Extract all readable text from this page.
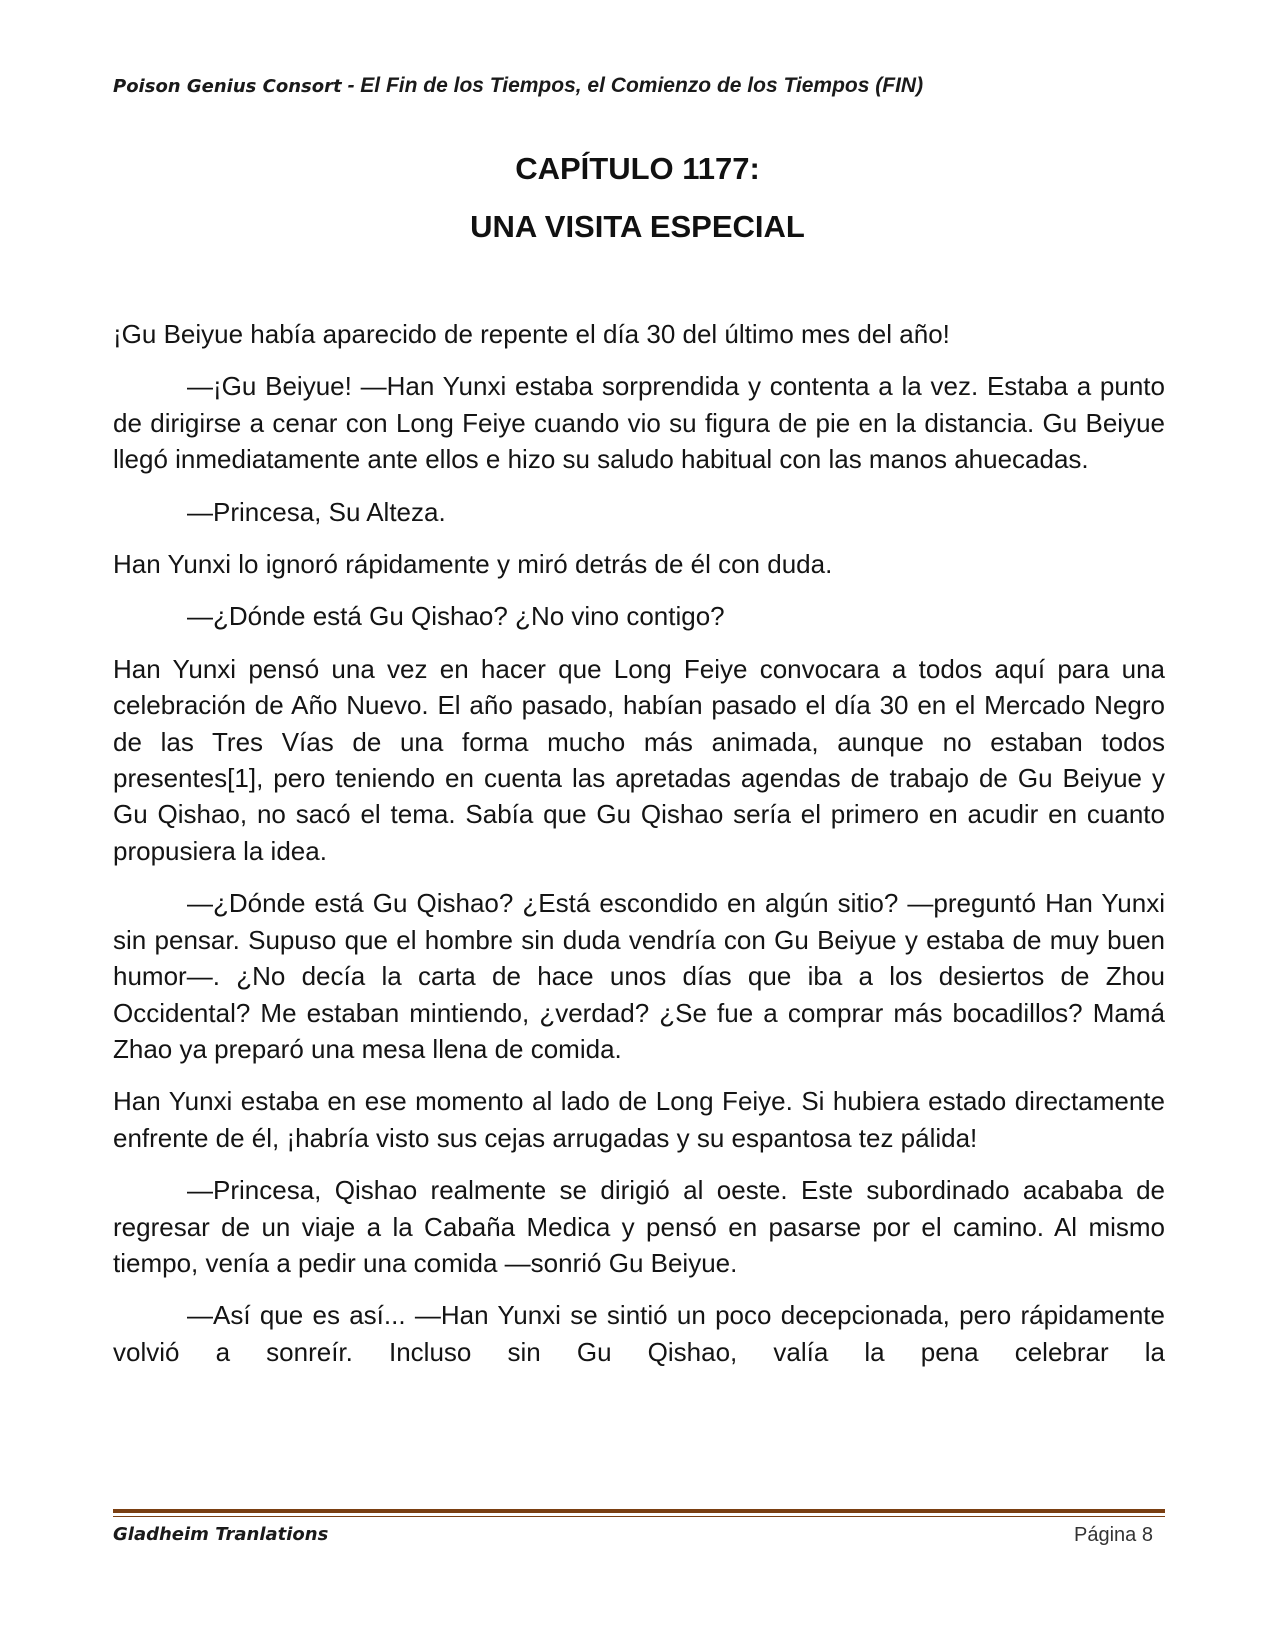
Poison Genius Consort - El Fin de los Tiempos, el Comienzo de los Tiempos (FIN)
CAPÍTULO 1177:
UNA VISITA ESPECIAL

¡Gu Beiyue había aparecido de repente el día 30 del último mes del año!

—¡Gu Beiyue! —Han Yunxi estaba sorprendida y contenta a la vez. Estaba a punto de dirigirse a cenar con Long Feiye cuando vio su figura de pie en la distancia. Gu Beiyue llegó inmediatamente ante ellos e hizo su saludo habitual con las manos ahuecadas.

—Princesa, Su Alteza.

Han Yunxi lo ignoró rápidamente y miró detrás de él con duda.

—¿Dónde está Gu Qishao? ¿No vino contigo?

Han Yunxi pensó una vez en hacer que Long Feiye convocara a todos aquí para una celebración de Año Nuevo. El año pasado, habían pasado el día 30 en el Mercado Negro de las Tres Vías de una forma mucho más animada, aunque no estaban todos presentes[1], pero teniendo en cuenta las apretadas agendas de trabajo de Gu Beiyue y Gu Qishao, no sacó el tema. Sabía que Gu Qishao sería el primero en acudir en cuanto propusiera la idea.

—¿Dónde está Gu Qishao? ¿Está escondido en algún sitio? —preguntó Han Yunxi sin pensar. Supuso que el hombre sin duda vendría con Gu Beiyue y estaba de muy buen humor—. ¿No decía la carta de hace unos días que iba a los desiertos de Zhou Occidental? Me estaban mintiendo, ¿verdad? ¿Se fue a comprar más bocadillos? Mamá Zhao ya preparó una mesa llena de comida.

Han Yunxi estaba en ese momento al lado de Long Feiye. Si hubiera estado directamente enfrente de él, ¡habría visto sus cejas arrugadas y su espantosa tez pálida!

—Princesa, Qishao realmente se dirigió al oeste. Este subordinado acababa de regresar de un viaje a la Cabaña Medica y pensó en pasarse por el camino. Al mismo tiempo, venía a pedir una comida —sonrió Gu Beiyue.

—Así que es así... —Han Yunxi se sintió un poco decepcionada, pero rápidamente volvió a sonreír. Incluso sin Gu Qishao, valía la pena celebrar la

Gladheim Tranlations	Página 8
